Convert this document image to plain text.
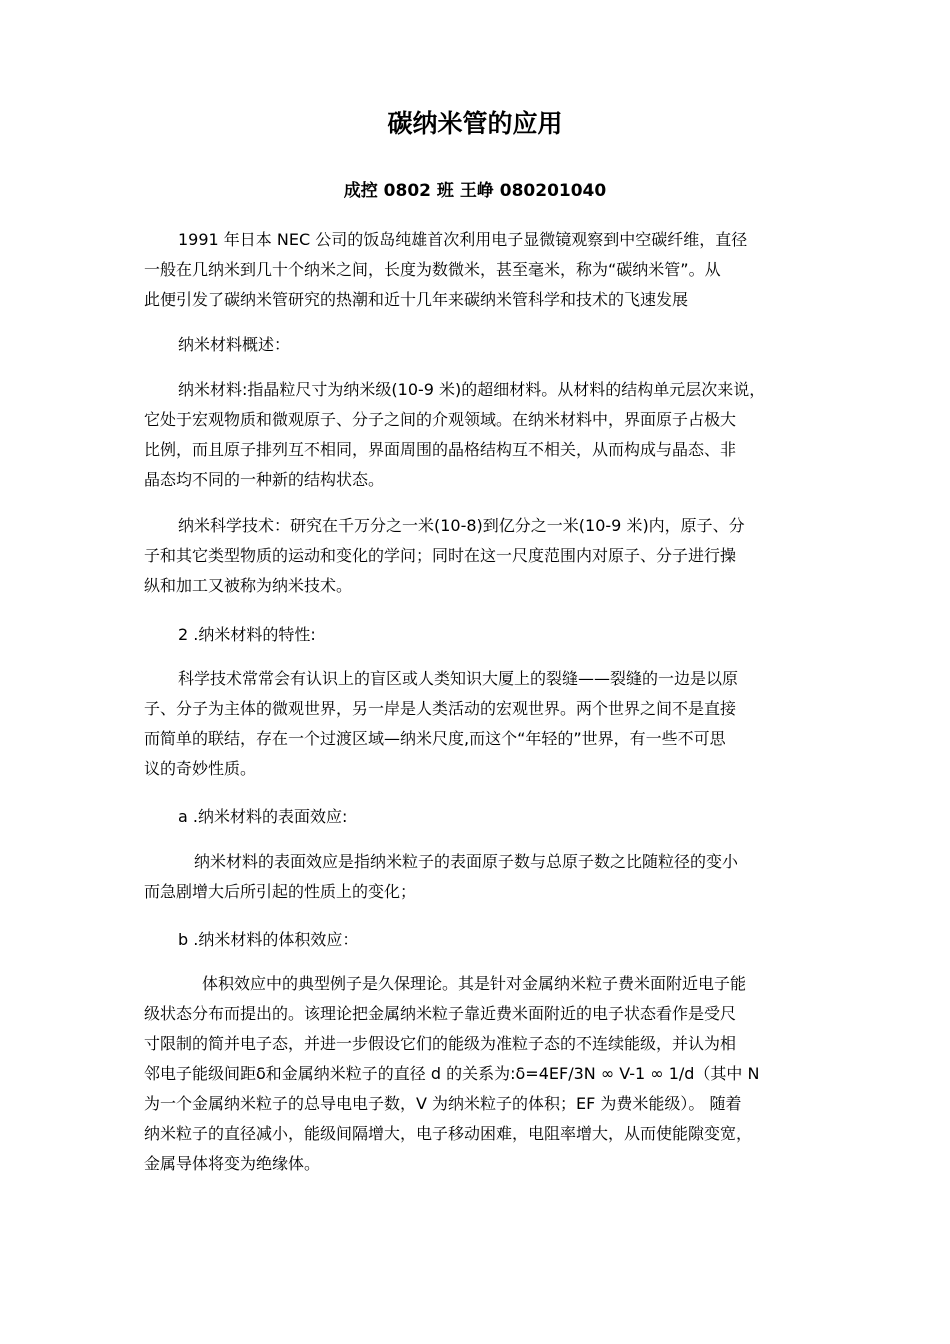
碳纳米管的应用
成控 0802 班 王峥 080201040
1991 年日本 NEC 公司的饭岛纯雄首次利用电子显微镜观察到中空碳纤维，直径
一般在几纳米到几十个纳米之间，长度为数微米，甚至毫米，称为“碳纳米管”。从
此便引发了碳纳米管研究的热潮和近十几年来碳纳米管科学和技术的飞速发展
纳米材料概述：
纳米材料:指晶粒尺寸为纳米级(10-9 米)的超细材料。从材料的结构单元层次来说，
它处于宏观物质和微观原子、分子之间的介观领域。在纳米材料中，界面原子占极大
比例，而且原子排列互不相同，界面周围的晶格结构互不相关，从而构成与晶态、非
晶态均不同的一种新的结构状态。
纳米科学技术：研究在千万分之一米(10-8)到亿分之一米(10-9 米)内，原子、分
子和其它类型物质的运动和变化的学问；同时在这一尺度范围内对原子、分子进行操
纵和加工又被称为纳米技术。
2 .纳米材料的特性:
科学技术常常会有认识上的盲区或人类知识大厦上的裂缝——裂缝的一边是以原
子、分子为主体的微观世界，另一岸是人类活动的宏观世界。两个世界之间不是直接
而简单的联结，存在一个过渡区域—纳米尺度,而这个“年轻的”世界，有一些不可思
议的奇妙性质。
a .纳米材料的表面效应:
纳米材料的表面效应是指纳米粒子的表面原子数与总原子数之比随粒径的变小
而急剧增大后所引起的性质上的变化；
b .纳米材料的体积效应：
体积效应中的典型例子是久保理论。其是针对金属纳米粒子费米面附近电子能
级状态分布而提出的。该理论把金属纳米粒子靠近费米面附近的电子状态看作是受尺
寸限制的简并电子态，并进一步假设它们的能级为准粒子态的不连续能级，并认为相
邻电子能级间距δ和金属纳米粒子的直径 d 的关系为:δ=4EF/3N ∞ V-1 ∞ 1/d（其中 N
为一个金属纳米粒子的总导电电子数，V 为纳米粒子的体积；EF 为费米能级）。 随着
纳米粒子的直径减小，能级间隔增大，电子移动困难，电阻率增大，从而使能隙变宽，
金属导体将变为绝缘体。
